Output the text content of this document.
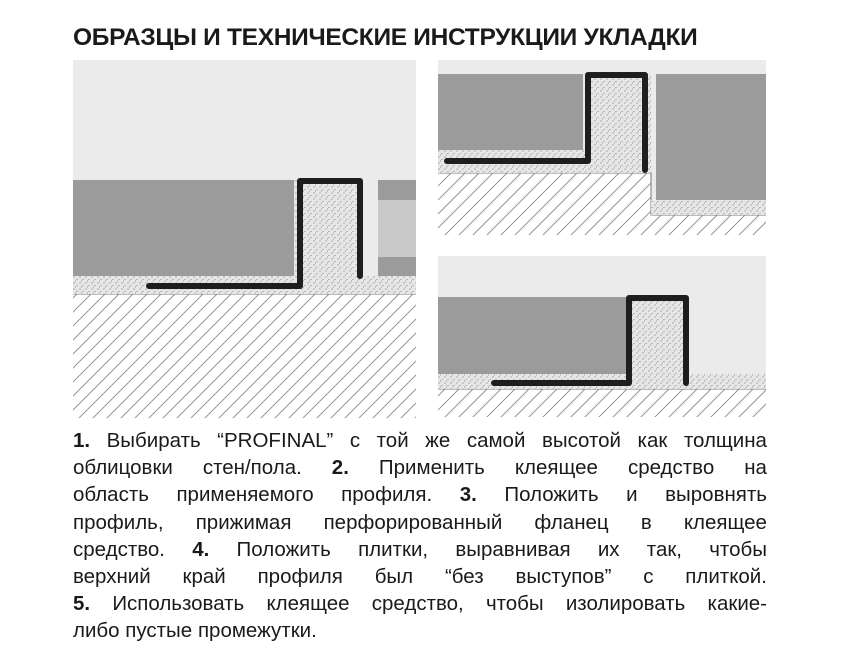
ОБРАЗЦЫ И ТЕХНИЧЕСКИЕ ИНСТРУКЦИИ УКЛАДКИ
1. Выбирать “PROFINAL” с той же самой высотой как толщина
облицовки стен/пола. 2. Применить клеящее средство на
область применяемого профиля. 3. Положить и выровнять
профиль, прижимая перфорированный фланец в клеящее
средство. 4. Положить плитки, выравнивая их так, чтобы
верхний край профиля был “без выступов” с плиткой.
5. Использовать клеящее средство, чтобы изолировать какие-
либо пустые промежутки.
